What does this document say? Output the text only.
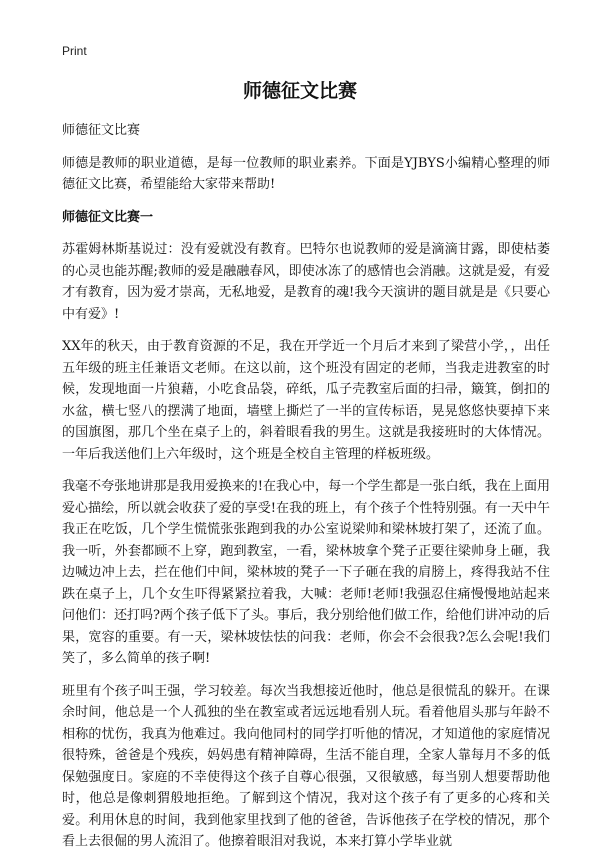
Print
师德征文比赛

师德征文比赛

师德是教师的职业道德，是每一位教师的职业素养。下面是YJBYS小编精心整理的师德征文比赛，希望能给大家带来帮助!

师德征文比赛一

苏霍姆林斯基说过：没有爱就没有教育。巴特尔也说教师的爱是滴滴甘露，即使枯萎的心灵也能苏醒;教师的爱是融融春风，即使冰冻了的感情也会消融。这就是爱，有爱才有教育，因为爱才崇高，无私地爱，是教育的魂!我今天演讲的题目就是是《只要心中有爱》!

XX年的秋天，由于教育资源的不足，我在开学近一个月后才来到了梁营小学，，出任五年级的班主任兼语文老师。在这以前，这个班没有固定的老师，当我走进教室的时候，发现地面一片狼藉，小吃食品袋，碎纸，瓜子壳教室后面的扫帚，簸箕，倒扣的水盆，横七竖八的摆满了地面，墙壁上撕烂了一半的宣传标语，晃晃悠悠快要掉下来的国旗图，那几个坐在桌子上的，斜着眼看我的男生。这就是我接班时的大体情况。一年后我送他们上六年级时，这个班是全校自主管理的样板班级。

我毫不夸张地讲那是我用爱换来的!在我心中，每一个学生都是一张白纸，我在上面用爱心描绘，所以就会收获了爱的享受!在我的班上，有个孩子个性特别强。有一天中午我正在吃饭，几个学生慌慌张张跑到我的办公室说梁帅和梁林坡打架了，还流了血。我一听，外套都顾不上穿，跑到教室，一看，梁林坡拿个凳子正要往梁帅身上砸，我边喊边冲上去，拦在他们中间，梁林坡的凳子一下子砸在我的肩膀上，疼得我站不住跌在桌子上，几个女生吓得紧紧拉着我，大喊：老师!老师!我强忍住痛慢慢地站起来问他们：还打吗?两个孩子低下了头。事后，我分别给他们做工作，给他们讲冲动的后果，宽容的重要。有一天，梁林坡怯怯的问我：老师，你会不会很我?怎么会呢!我们笑了，多么简单的孩子啊!

班里有个孩子叫王强，学习较差。每次当我想接近他时，他总是很慌乱的躲开。在课余时间，他总是一个人孤独的坐在教室或者远远地看别人玩。看着他眉头那与年龄不相称的忧伤，我真为他难过。我向他同村的同学打听他的情况，才知道他的家庭情况很特殊，爸爸是个残疾，妈妈患有精神障碍，生活不能自理，全家人靠每月不多的低保勉强度日。家庭的不幸使得这个孩子自尊心很强，又很敏感，每当别人想要帮助他时，他总是像刺猬般地拒绝。了解到这个情况，我对这个孩子有了更多的心疼和关爱。利用休息的时间，我到他家里找到了他的爸爸，告诉他孩子在学校的情况，那个看上去很倔的男人流泪了。他擦着眼泪对我说，本来打算小学毕业就
